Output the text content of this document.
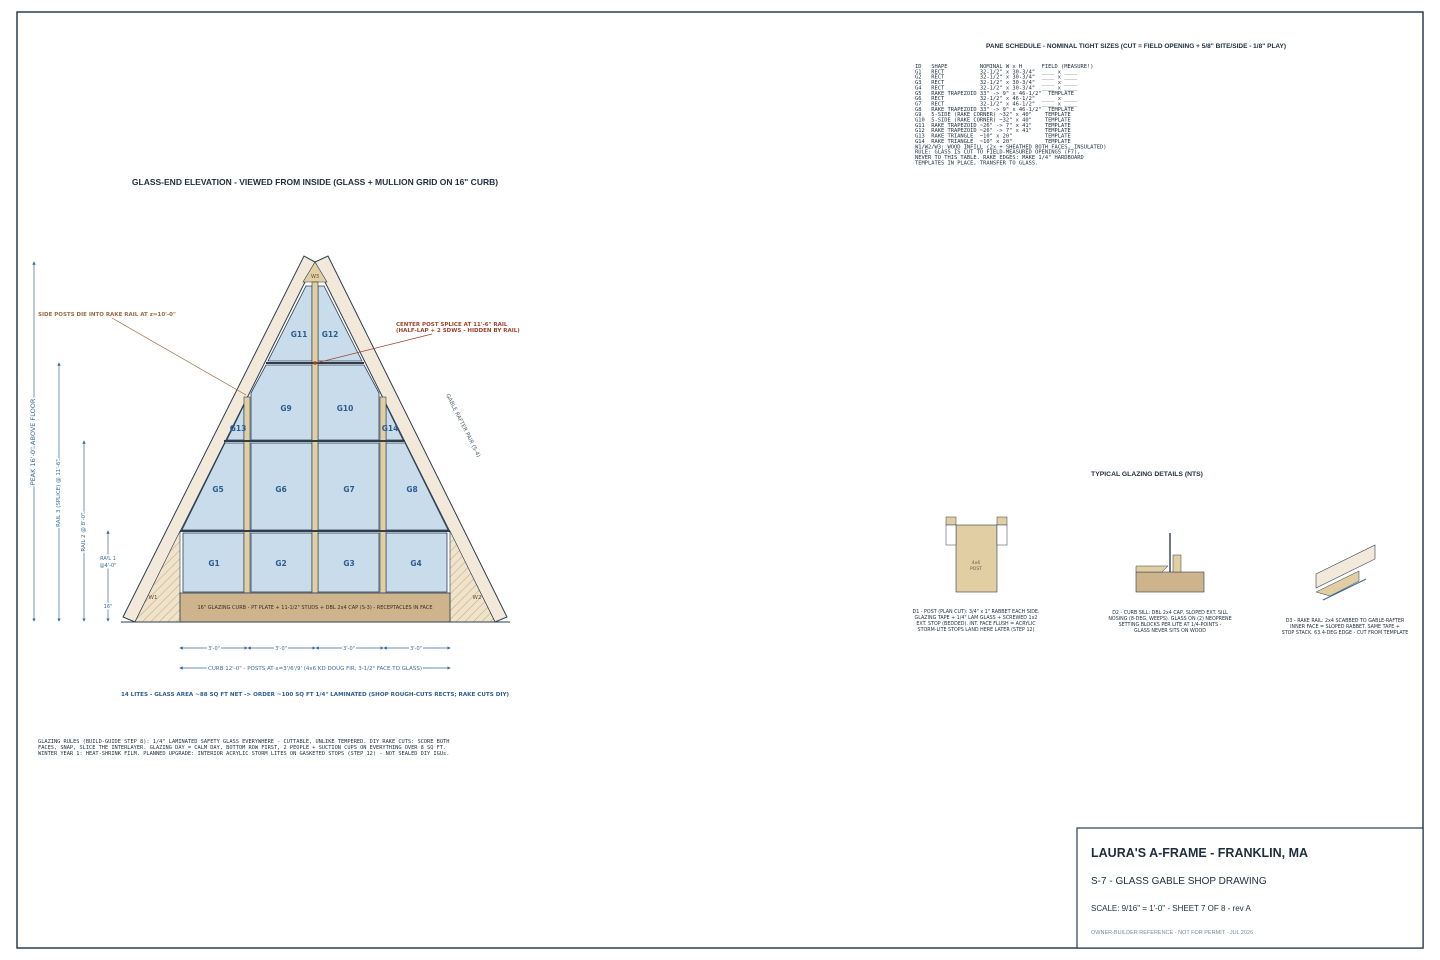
GLASS-END ELEVATION - VIEWED FROM INSIDE (GLASS + MULLION GRID ON 16" CURB)
W1	W2
W3
G1	G2	G3	G4
G5	G6	G7	G8
G9	G10
G11 G12
G13	G14
16" GLAZING CURB - PT PLATE + 11-1/2" STUDS + DBL 2x4 CAP (S-3) - RECEPTACLES IN FACE
GABLE RAFTER PAIR (S-4)
SIDE POSTS DIE INTO RAKE RAIL AT z=10'-0"
CENTER POST SPLICE AT 11'-6" RAIL
(HALF-LAP + 2 SDWS - HIDDEN BY RAIL)
PEAK 16'-0" ABOVE FLOOR
RAIL 3 (SPLICE) @ 11'-6"
RAIL 2 @ 8'-0"
RAIL 1
@4'-0"
16"
3'-0"	3'-0"	3'-0"	3'-0"
CURB 12'-0" - POSTS AT x=3'/6'/9' (4x6 KD DOUG FIR, 3-1/2" FACE TO GLASS)
14 LITES - GLASS AREA ~88 SQ FT NET -> ORDER ~100 SQ FT 1/4" LAMINATED (SHOP ROUGH-CUTS RECTS; RAKE CUTS DIY)
GLAZING RULES (BUILD-GUIDE STEP 8): 1/4" LAMINATED SAFETY GLASS EVERYWHERE - CUTTABLE, UNLIKE TEMPERED. DIY RAKE CUTS: SCORE BOTH
FACES, SNAP, SLICE THE INTERLAYER. GLAZING DAY = CALM DAY, BOTTOM ROW FIRST, 2 PEOPLE + SUCTION CUPS ON EVERYTHING OVER 8 SQ FT.
WINTER YEAR 1: HEAT-SHRINK FILM. PLANNED UPGRADE: INTERIOR ACRYLIC STORM LITES ON GASKETED STOPS (STEP 12) - NOT SEALED DIY IGUs.
PANE SCHEDULE - NOMINAL TIGHT SIZES (CUT = FIELD OPENING + 5/8" BITE/SIDE - 1/8" PLAY)
ID   SHAPE          NOMINAL W x H      FIELD (MEASURE!)
G1   RECT           32-1/2" x 30-3/4"  ____ x ____
G2   RECT           32-1/2" x 30-3/4"  ____ x ____
G3   RECT           32-1/2" x 30-3/4"  ____ x ____
G4   RECT           32-1/2" x 30-3/4"  ____ x ____
G5   RAKE TRAPEZOID 33" -> 9" x 46-1/2"  TEMPLATE
G6   RECT           32-1/2" x 46-1/2"  ____ x ____
G7   RECT           32-1/2" x 46-1/2"  ____ x ____
G8   RAKE TRAPEZOID 33" -> 9" x 46-1/2"  TEMPLATE
G9   5-SIDE (RAKE CORNER) ~32" x 40"    TEMPLATE
G10  5-SIDE (RAKE CORNER) ~32" x 40"    TEMPLATE
G11  RAKE TRAPEZOID ~26" -> 7" x 41"    TEMPLATE
G12  RAKE TRAPEZOID ~26" -> 7" x 41"    TEMPLATE
G13  RAKE TRIANGLE  ~10" x 20"          TEMPLATE
G14  RAKE TRIANGLE  ~10" x 20"          TEMPLATE
W1/W2/W3: WOOD INFILL (2x + SHEATHED BOTH FACES, INSULATED)
RULE: GLASS IS CUT TO FIELD-MEASURED OPENINGS (F7),
NEVER TO THIS TABLE. RAKE EDGES: MAKE 1/4" HARDBOARD
TEMPLATES IN PLACE, TRANSFER TO GLASS.
TYPICAL GLAZING DETAILS (NTS)
4x6
POST
D1 - POST (PLAN CUT): 3/4" x 1" RABBET EACH SIDE.
GLAZING TAPE + 1/4" LAM GLASS + SCREWED 1x2
EXT. STOP (BEDDED). INT. FACE FLUSH = ACRYLIC
STORM-LITE STOPS LAND HERE LATER (STEP 12)
D2 - CURB SILL: DBL 2x4 CAP, SLOPED EXT. SILL
NOSING (8-DEG, WEEPS). GLASS ON (2) NEOPRENE
SETTING BLOCKS PER LITE AT 1/4-POINTS -
GLASS NEVER SITS ON WOOD
D3 - RAKE RAIL: 2x4 SCABBED TO GABLE-RAFTER
INNER FACE = SLOPED RABBET. SAME TAPE +
STOP STACK. 63.4-DEG EDGE - CUT FROM TEMPLATE
LAURA'S A-FRAME - FRANKLIN, MA
S-7 - GLASS GABLE SHOP DRAWING
SCALE: 9/16" = 1'-0" - SHEET 7 OF 8 - rev A
OWNER-BUILDER REFERENCE - NOT FOR PERMIT - JUL 2026
